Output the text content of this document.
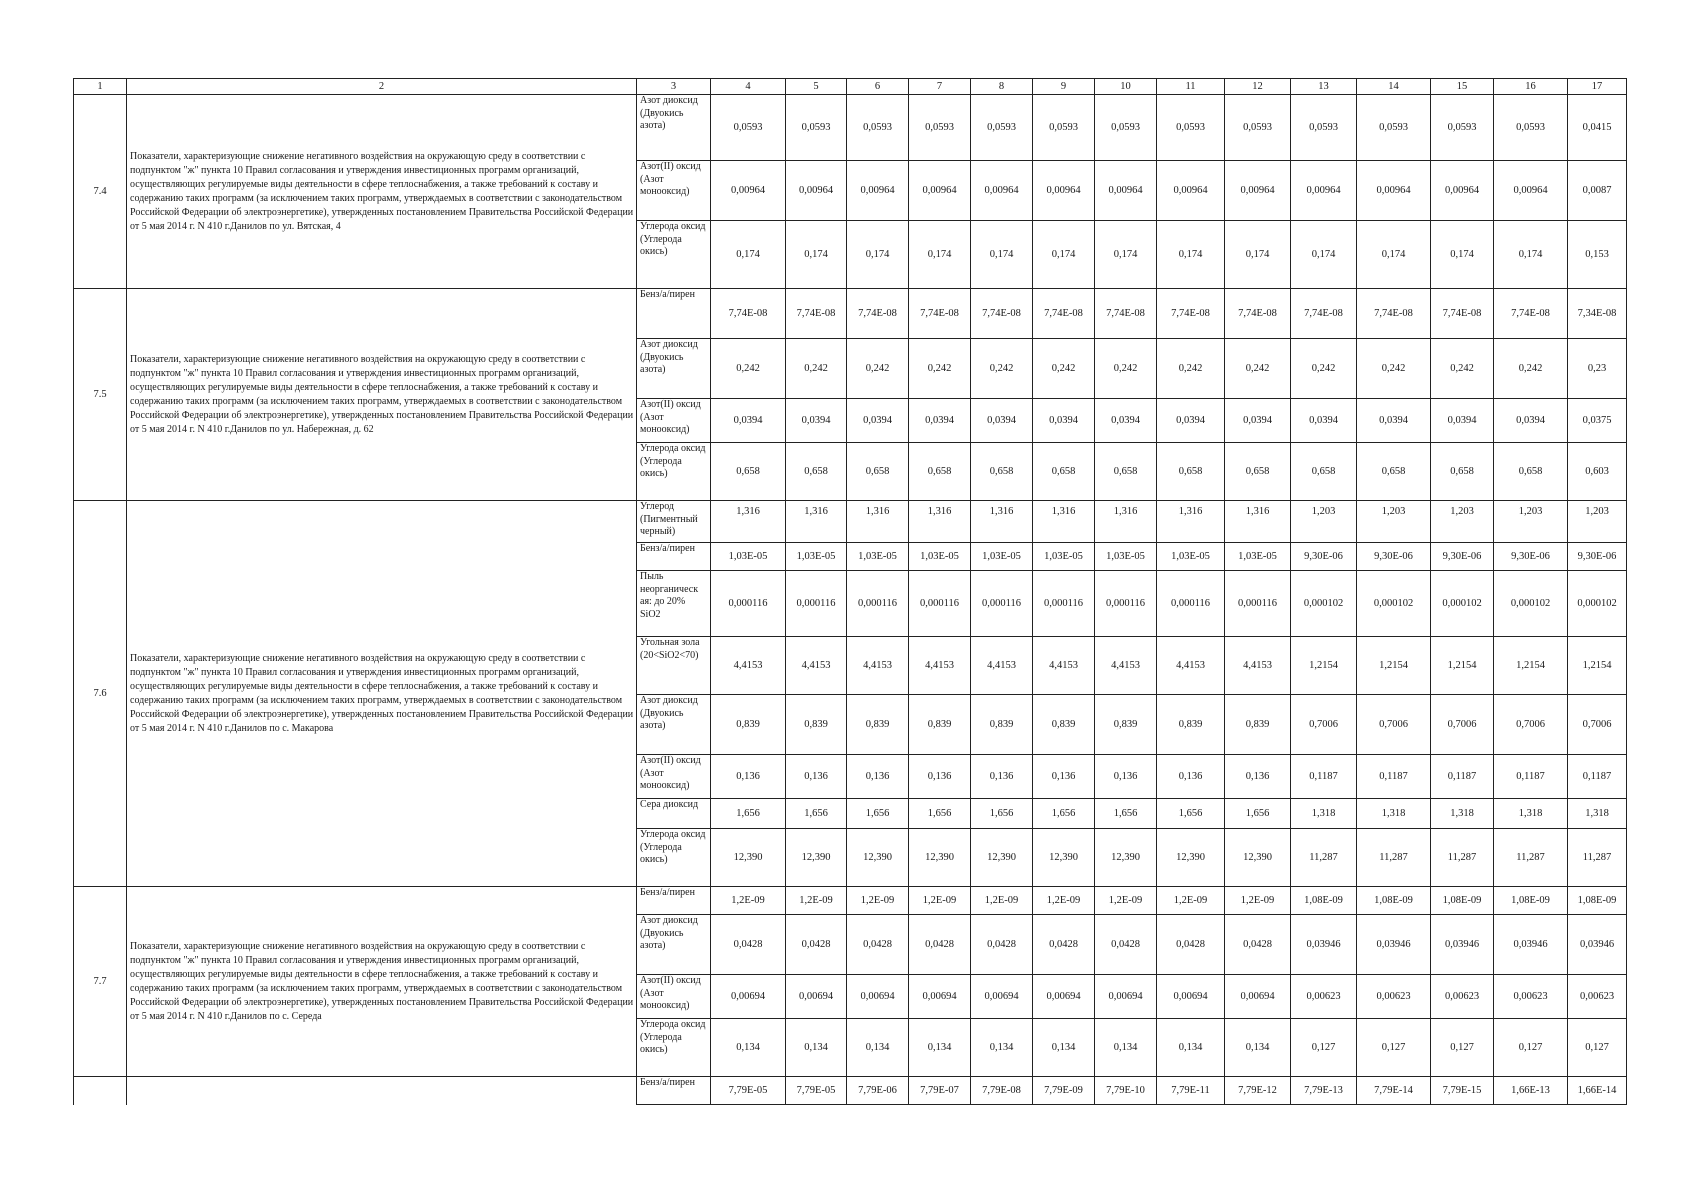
1	2	3	4	5	6	7	8	9	10	11	12	13	14	15	16	17
7.4	Показатели, характеризующие снижение негативного воздействия на окружающую среду в соответствии с подпунктом "ж" пункта 10 Правил согласования и утверждения инвестиционных программ организаций, осуществляющих регулируемые виды деятельности в сфере теплоснабжения, а также требований к составу и содержанию таких программ (за исключением таких программ, утверждаемых в соответствии с законодательством Российской Федерации об электроэнергетике), утвержденных постановлением Правительства Российской Федерации от 5 мая 2014 г. N 410 г.Данилов по ул. Вятская, 4	Азот диоксид (Двуокись азота)	0,0593	0,0593	0,0593	0,0593	0,0593	0,0593	0,0593	0,0593	0,0593	0,0593	0,0593	0,0593	0,0593	0,0415
		Азот(II) оксид (Азот монооксид)	0,00964	0,00964	0,00964	0,00964	0,00964	0,00964	0,00964	0,00964	0,00964	0,00964	0,00964	0,00964	0,00964	0,0087
		Углерода оксид (Углерода окись)	0,174	0,174	0,174	0,174	0,174	0,174	0,174	0,174	0,174	0,174	0,174	0,174	0,174	0,153
7.5	Показатели, характеризующие снижение негативного воздействия на окружающую среду в соответствии с подпунктом "ж" пункта 10 Правил согласования и утверждения инвестиционных программ организаций, осуществляющих регулируемые виды деятельности в сфере теплоснабжения, а также требований к составу и содержанию таких программ (за исключением таких программ, утверждаемых в соответствии с законодательством Российской Федерации об электроэнергетике), утвержденных постановлением Правительства Российской Федерации от 5 мая 2014 г. N 410 г.Данилов по ул. Набережная, д. 62	Бенз/а/пирен	7,74E-08	7,74E-08	7,74E-08	7,74E-08	7,74E-08	7,74E-08	7,74E-08	7,74E-08	7,74E-08	7,74E-08	7,74E-08	7,74E-08	7,74E-08	7,34E-08
		Азот диоксид (Двуокись азота)	0,242	0,242	0,242	0,242	0,242	0,242	0,242	0,242	0,242	0,242	0,242	0,242	0,242	0,23
		Азот(II) оксид (Азот монооксид)	0,0394	0,0394	0,0394	0,0394	0,0394	0,0394	0,0394	0,0394	0,0394	0,0394	0,0394	0,0394	0,0394	0,0375
		Углерода оксид (Углерода окись)	0,658	0,658	0,658	0,658	0,658	0,658	0,658	0,658	0,658	0,658	0,658	0,658	0,658	0,603
7.6	Показатели, характеризующие снижение негативного воздействия на окружающую среду в соответствии с подпунктом "ж" пункта 10 Правил согласования и утверждения инвестиционных программ организаций, осуществляющих регулируемые виды деятельности в сфере теплоснабжения, а также требований к составу и содержанию таких программ (за исключением таких программ, утверждаемых в соответствии с законодательством Российской Федерации об электроэнергетике), утвержденных постановлением Правительства Российской Федерации от 5 мая 2014 г. N 410 г.Данилов по с. Макарова	Углерод (Пигментный черный)	1,316	1,316	1,316	1,316	1,316	1,316	1,316	1,316	1,316	1,203	1,203	1,203	1,203	1,203
		Бенз/а/пирен	1,03E-05	1,03E-05	1,03E-05	1,03E-05	1,03E-05	1,03E-05	1,03E-05	1,03E-05	1,03E-05	9,30E-06	9,30E-06	9,30E-06	9,30E-06	9,30E-06
		Пыль неорганическ ая: до 20% SiO2	0,000116	0,000116	0,000116	0,000116	0,000116	0,000116	0,000116	0,000116	0,000116	0,000102	0,000102	0,000102	0,000102	0,000102
		Угольная зола (20<SiO2<70)	4,4153	4,4153	4,4153	4,4153	4,4153	4,4153	4,4153	4,4153	4,4153	1,2154	1,2154	1,2154	1,2154	1,2154
		Азот диоксид (Двуокись азота)	0,839	0,839	0,839	0,839	0,839	0,839	0,839	0,839	0,839	0,7006	0,7006	0,7006	0,7006	0,7006
		Азот(II) оксид (Азот монооксид)	0,136	0,136	0,136	0,136	0,136	0,136	0,136	0,136	0,136	0,1187	0,1187	0,1187	0,1187	0,1187
		Сера диоксид	1,656	1,656	1,656	1,656	1,656	1,656	1,656	1,656	1,656	1,318	1,318	1,318	1,318	1,318
		Углерода оксид (Углерода окись)	12,390	12,390	12,390	12,390	12,390	12,390	12,390	12,390	12,390	11,287	11,287	11,287	11,287	11,287
7.7	Показатели, характеризующие снижение негативного воздействия на окружающую среду в соответствии с подпунктом "ж" пункта 10 Правил согласования и утверждения инвестиционных программ организаций, осуществляющих регулируемые виды деятельности в сфере теплоснабжения, а также требований к составу и содержанию таких программ (за исключением таких программ, утверждаемых в соответствии с законодательством Российской Федерации об электроэнергетике), утвержденных постановлением Правительства Российской Федерации от 5 мая 2014 г. N 410 г.Данилов по с. Середа	Бенз/а/пирен	1,2E-09	1,2E-09	1,2E-09	1,2E-09	1,2E-09	1,2E-09	1,2E-09	1,2E-09	1,2E-09	1,08E-09	1,08E-09	1,08E-09	1,08E-09	1,08E-09
		Азот диоксид (Двуокись азота)	0,0428	0,0428	0,0428	0,0428	0,0428	0,0428	0,0428	0,0428	0,0428	0,03946	0,03946	0,03946	0,03946	0,03946
		Азот(II) оксид (Азот монооксид)	0,00694	0,00694	0,00694	0,00694	0,00694	0,00694	0,00694	0,00694	0,00694	0,00623	0,00623	0,00623	0,00623	0,00623
		Углерода оксид (Углерода окись)	0,134	0,134	0,134	0,134	0,134	0,134	0,134	0,134	0,134	0,127	0,127	0,127	0,127	0,127
		Бенз/а/пирен	7,79E-05	7,79E-05	7,79E-06	7,79E-07	7,79E-08	7,79E-09	7,79E-10	7,79E-11	7,79E-12	7,79E-13	7,79E-14	7,79E-15	1,66E-13	1,66E-14
